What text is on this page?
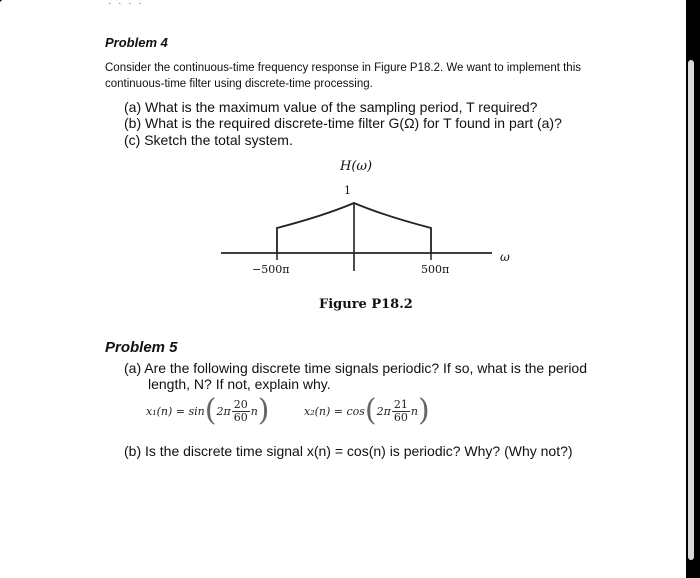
· · · ·
Problem 4
Consider the continuous-time frequency response in Figure P18.2. We want to implement this continuous-time filter using discrete-time processing.
(a) What is the maximum value of the sampling period, T required?
(b) What is the required discrete-time filter G(Ω) for T found in part (a)?
(c) Sketch the total system.
H(ω)
1
ω
−500π	500π
Figure P18.2
Problem 5
(a) Are the following discrete time signals periodic? If so, what is the period
length, N? If not, explain why.
x₁(n) = sin ( $2\pi \frac{20}{60}$ n )	x₂(n) = cos ( $2\pi \frac{21}{60}$ n )
(b) Is the discrete time signal x(n) = cos(n) is periodic? Why? (Why not?)
